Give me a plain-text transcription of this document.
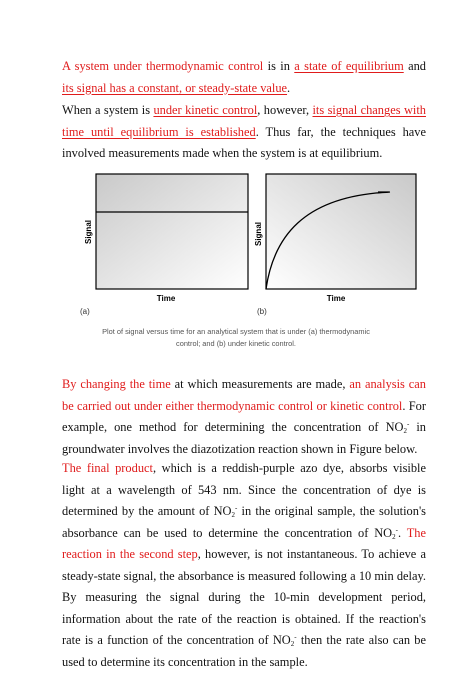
A system under thermodynamic control is in a state of equilibrium and its signal has a constant, or steady-state value.

When a system is under kinetic control, however, its signal changes with time until equilibrium is established. Thus far, the techniques have involved measurements made when the system is at equilibrium.

Signal
Time
(a)
Signal
Time
(b)

Plot of signal versus time for an analytical system that is under (a) thermodynamic control; and (b) under kinetic control.

By changing the time at which measurements are made, an analysis can be carried out under either thermodynamic control or kinetic control. For example, one method for determining the concentration of $NO_2^-$ in groundwater involves the diazotization reaction shown in Figure below.

The final product, which is a reddish-purple azo dye, absorbs visible light at a wavelength of 543 nm. Since the concentration of dye is determined by the amount of $NO_2^-$ in the original sample, the solution's absorbance can be used to determine the concentration of $NO_2^-$. The reaction in the second step, however, is not instantaneous. To achieve a steady-state signal, the absorbance is measured following a 10 min delay. By measuring the signal during the 10-min development period, information about the rate of the reaction is obtained. If the reaction's rate is a function of the concentration of $NO_2^-$ then the rate also can be used to determine its concentration in the sample.
